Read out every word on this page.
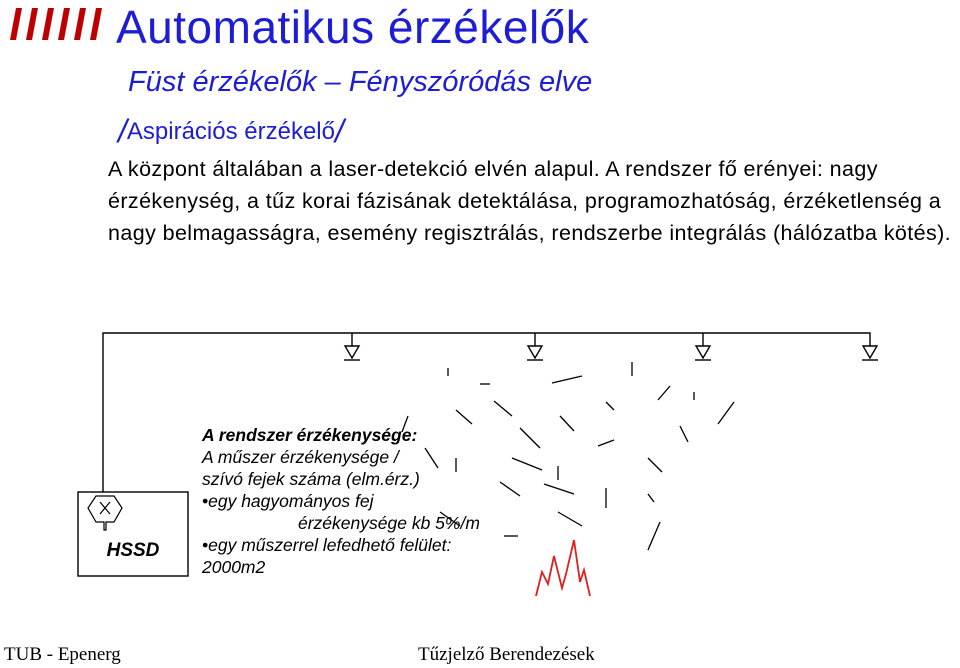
Automatikus érzékelők
Füst érzékelők – Fényszóródás elve
/Aspirációs érzékelő/
A központ általában a laser-detekció elvén alapul. A rendszer fő erényei: nagy érzékenység, a tűz korai fázisának detektálása, programozhatóság, érzéketlenség a nagy belmagasságra, esemény regisztrálás, rendszerbe integrálás (hálózatba kötés).
HSSD
A rendszer érzékenysége:
A műszer érzékenysége /
szívó fejek száma (elm.érz.)
•egy hagyományos fej
érzékenysége kb 5%/m
•egy műszerrel lefedhető felület:
2000m2
TUB - Epenerg	Tűzjelző Berendezések
